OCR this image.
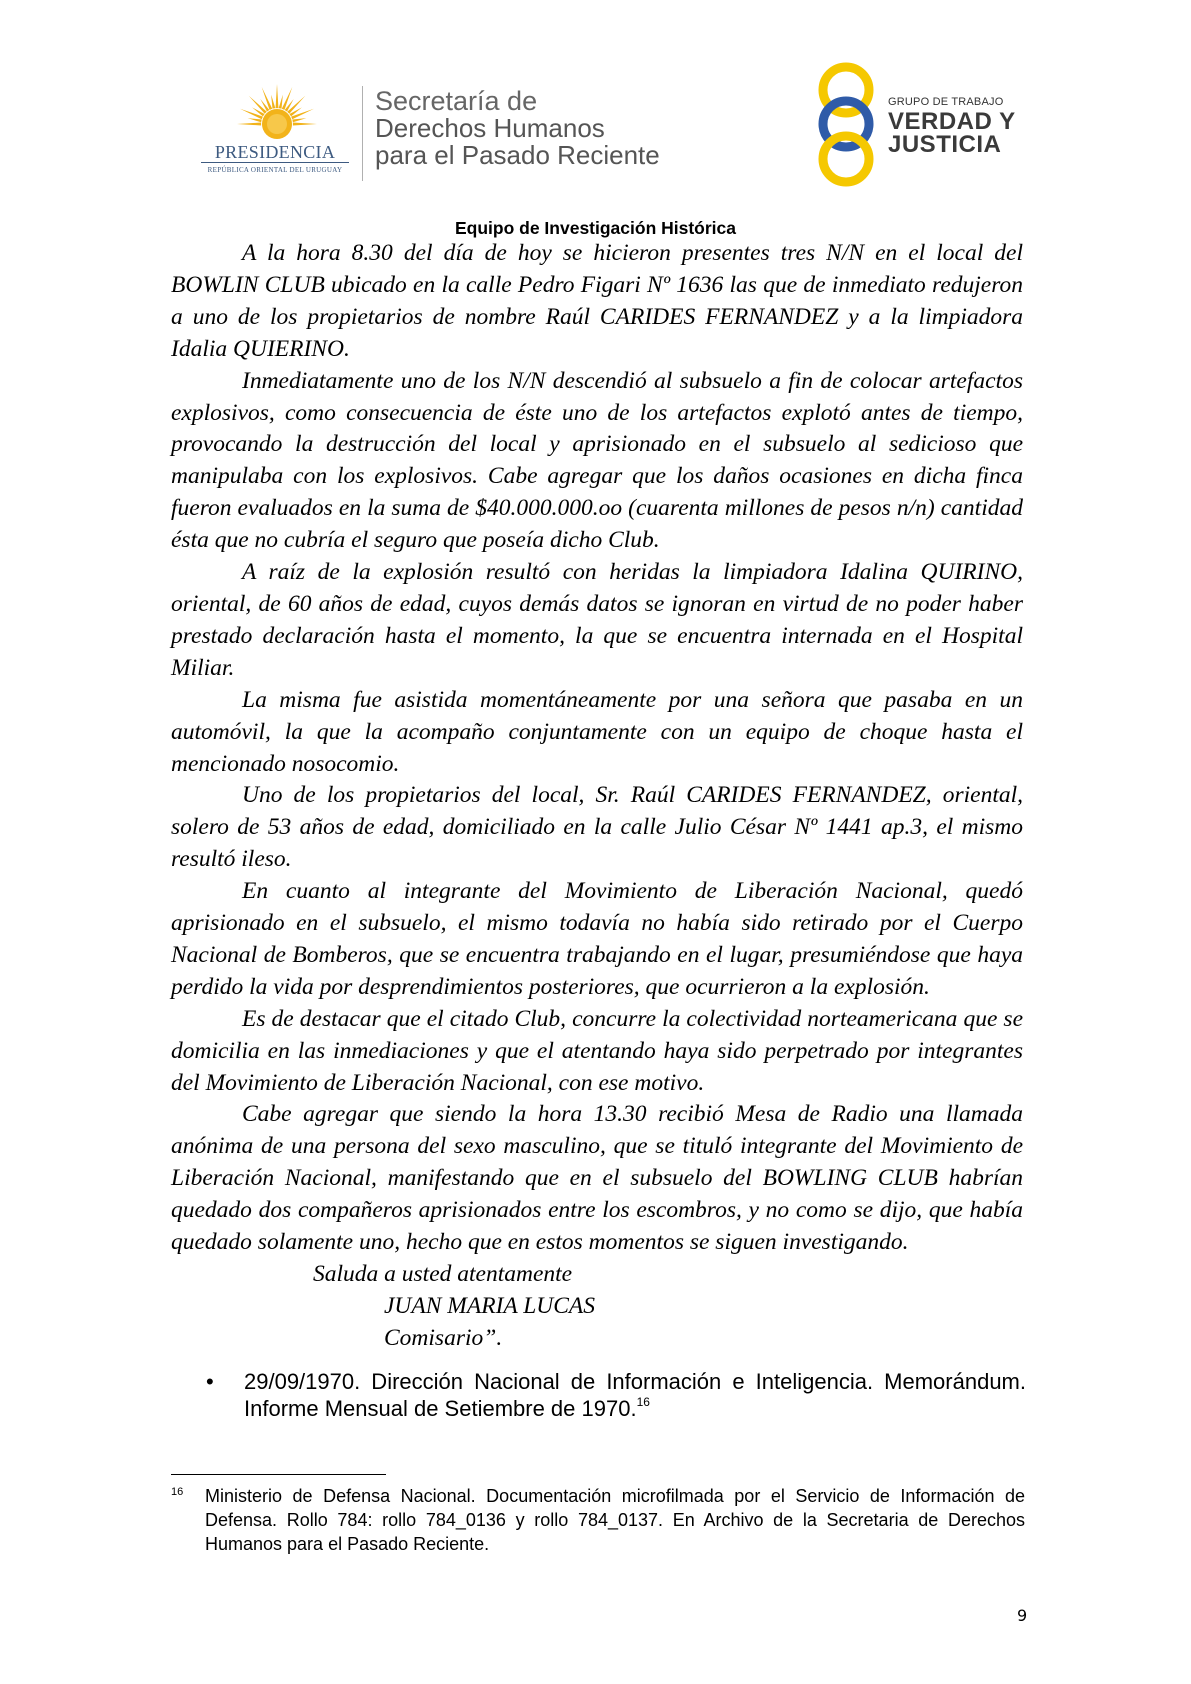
PRESIDENCIA
REPÚBLICA ORIENTAL DEL URUGUAY
Secretaría de
Derechos Humanos
para el Pasado Reciente
GRUPO DE TRABAJO
VERDAD Y
JUSTICIA
Equipo de Investigación Histórica

A la hora 8.30 del día de hoy se hicieron presentes tres N/N en el local del BOWLIN CLUB ubicado en la calle Pedro Figari Nº 1636 las que de inmediato redujeron a uno de los propietarios de nombre Raúl CARIDES FERNANDEZ y a la limpiadora Idalia QUIERINO.

Inmediatamente uno de los N/N descendió al subsuelo a fin de colocar artefactos explosivos, como consecuencia de éste uno de los artefactos explotó antes de tiempo, provocando la destrucción del local y aprisionado en el subsuelo al sedicioso que manipulaba con los explosivos. Cabe agregar que los daños ocasiones en dicha finca fueron evaluados en la suma de $40.000.000.oo (cuarenta millones de pesos n/n) cantidad ésta que no cubría el seguro que poseía dicho Club.

A raíz de la explosión resultó con heridas la limpiadora Idalina QUIRINO, oriental, de 60 años de edad, cuyos demás datos se ignoran en virtud de no poder haber prestado declaración hasta el momento, la que se encuentra internada en el Hospital Miliar.

La misma fue asistida momentáneamente por una señora que pasaba en un automóvil, la que la acompaño conjuntamente con un equipo de choque hasta el mencionado nosocomio.

Uno de los propietarios del local, Sr. Raúl CARIDES FERNANDEZ, oriental, solero de 53 años de edad, domiciliado en la calle Julio César Nº 1441 ap.3, el mismo resultó ileso.

En cuanto al integrante del Movimiento de Liberación Nacional, quedó aprisionado en el subsuelo, el mismo todavía no había sido retirado por el Cuerpo Nacional de Bomberos, que se encuentra trabajando en el lugar, presumiéndose que haya perdido la vida por desprendimientos posteriores, que ocurrieron a la explosión.

Es de destacar que el citado Club, concurre la colectividad norteamericana que se domicilia en las inmediaciones y que el atentando haya sido perpetrado por integrantes del Movimiento de Liberación Nacional, con ese motivo.

Cabe agregar que siendo la hora 13.30 recibió Mesa de Radio una llamada anónima de una persona del sexo masculino, que se tituló integrante del Movimiento de Liberación Nacional, manifestando que en el subsuelo del BOWLING CLUB habrían quedado dos compañeros aprisionados entre los escombros, y no como se dijo, que había quedado solamente uno, hecho que en estos momentos se siguen investigando.

Saluda a usted atentamente

JUAN MARIA LUCAS

Comisario”.

• 29/09/1970. Dirección Nacional de Información e Inteligencia. Memorándum. Informe Mensual de Setiembre de 1970.16
16 Ministerio de Defensa Nacional. Documentación microfilmada por el Servicio de Información de Defensa. Rollo 784: rollo 784_0136 y rollo 784_0137. En Archivo de la Secretaria de Derechos Humanos para el Pasado Reciente.
9
